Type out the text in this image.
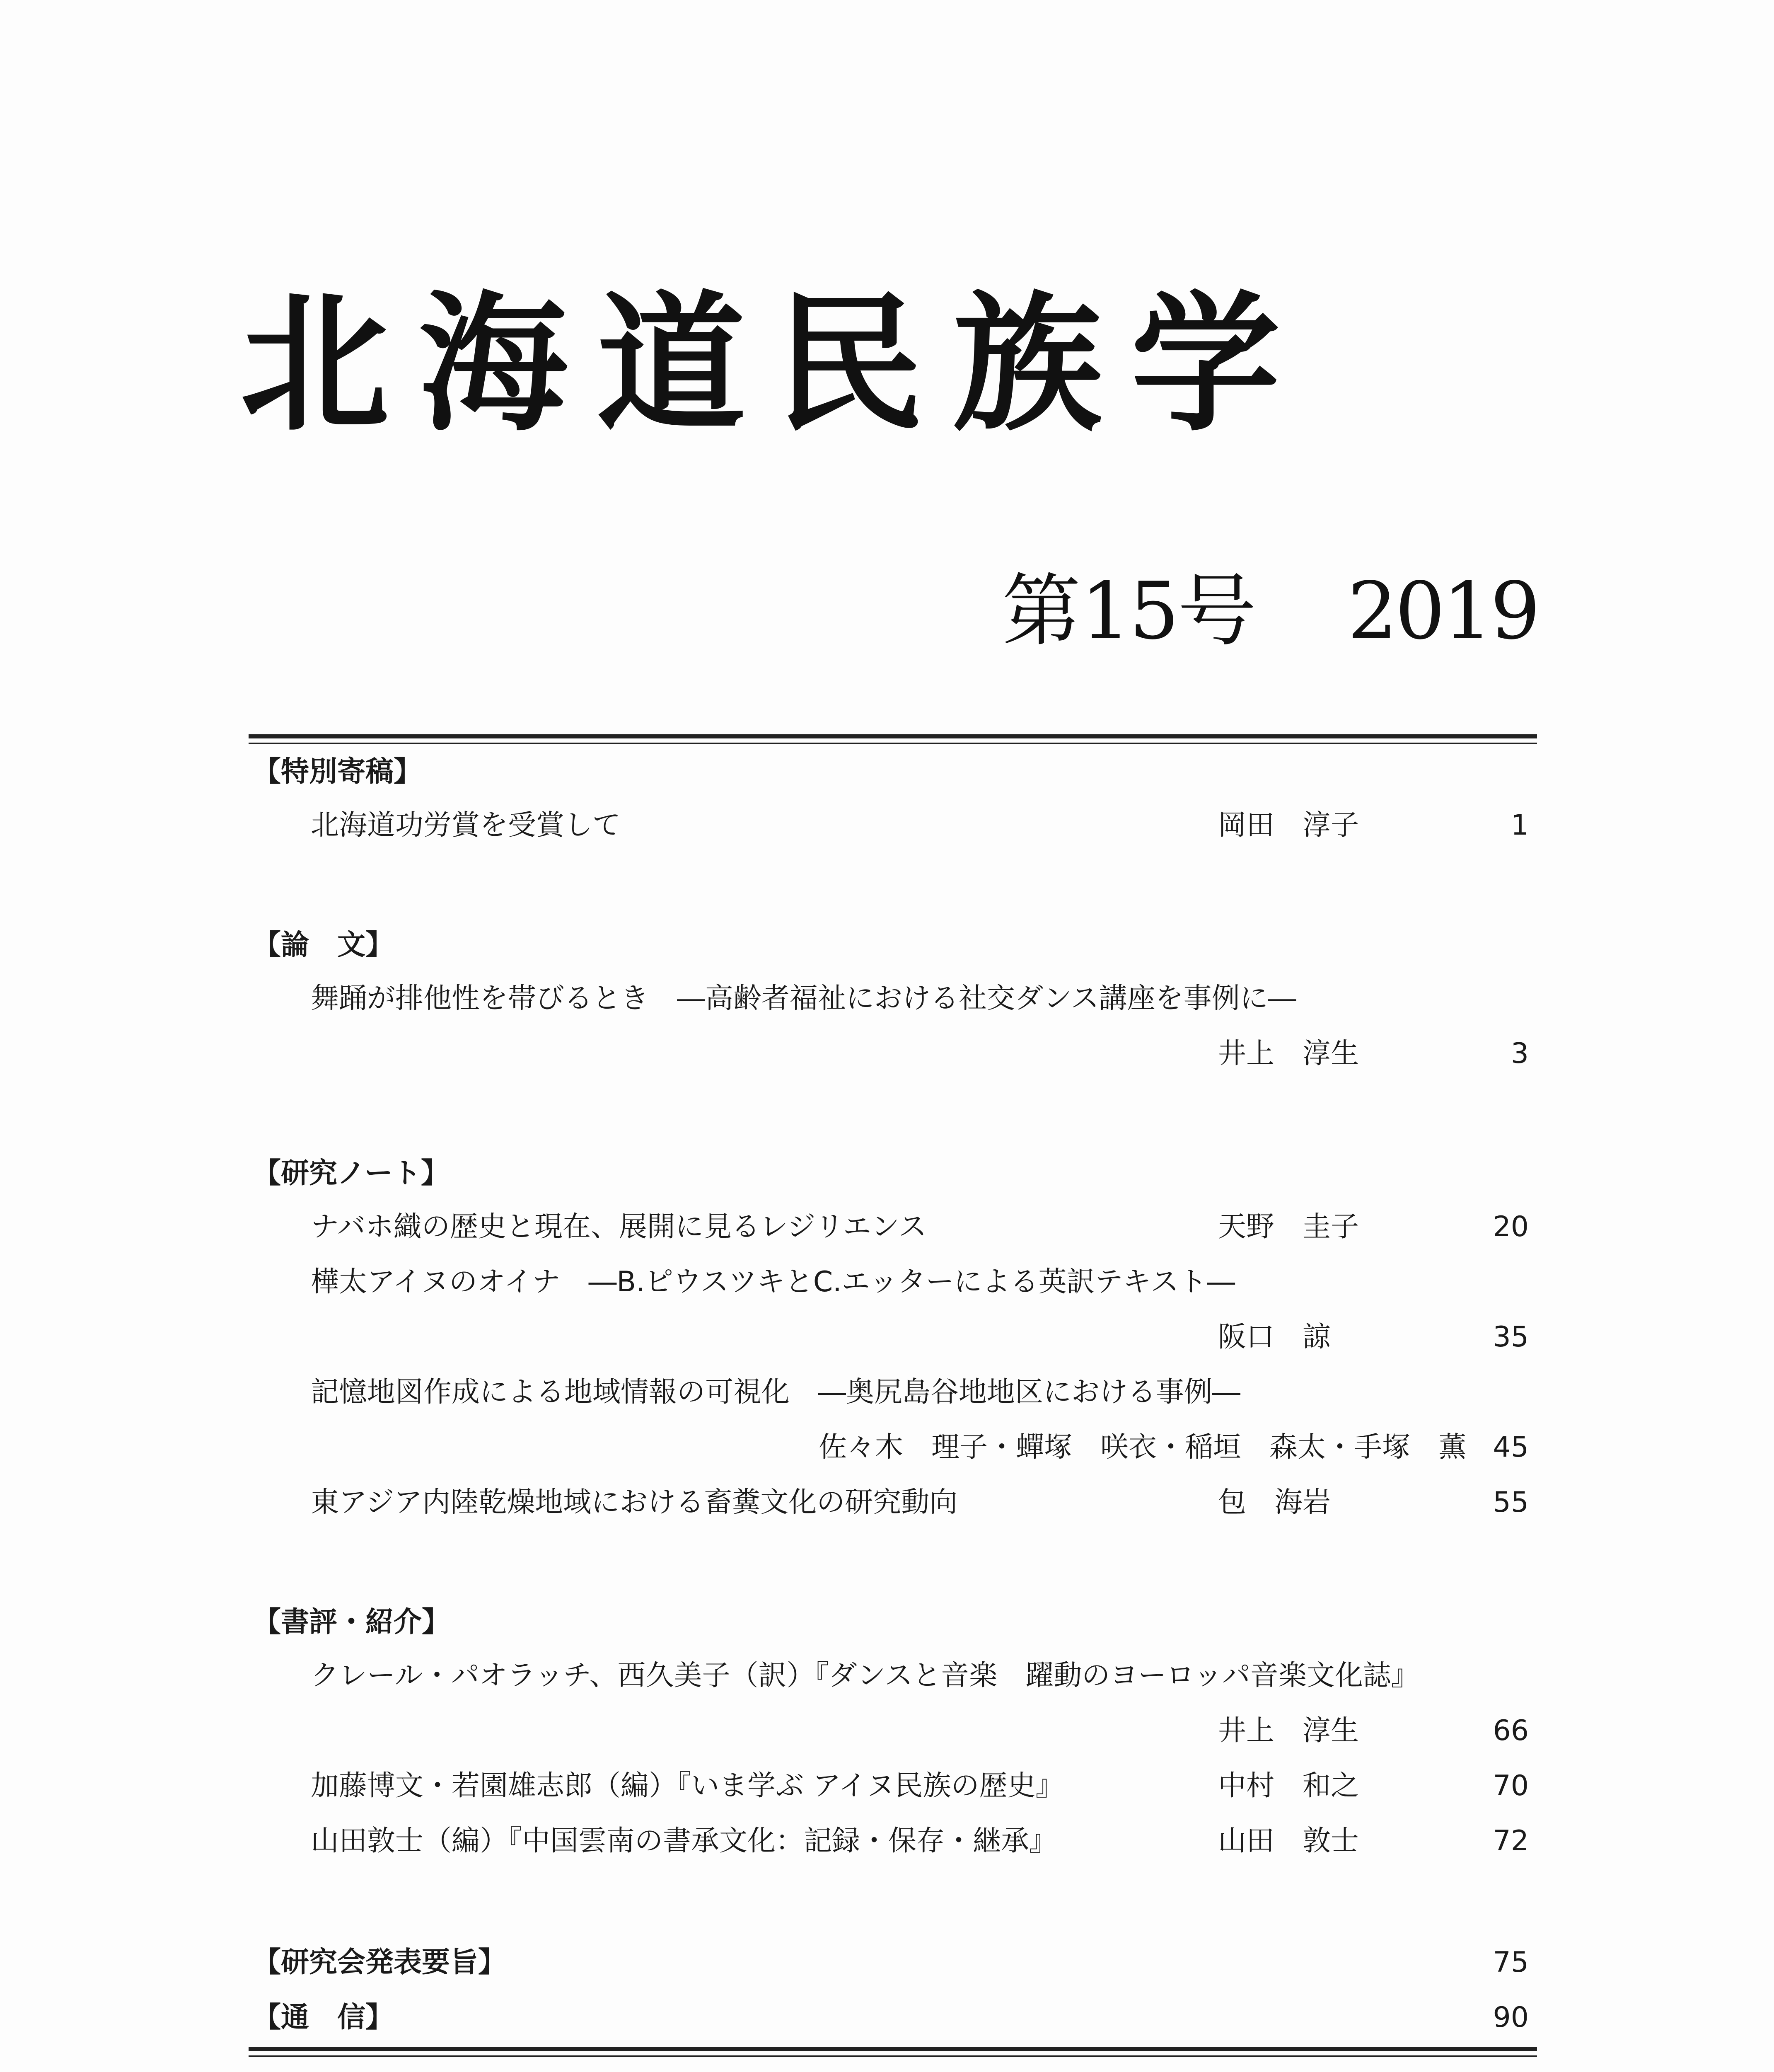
北海道民族学
第15号 2019
【特別寄稿】
北海道功労賞を受賞して	岡田　淳子	1
【論　文】
舞踊が排他性を帯びるとき　―高齢者福祉における社交ダンス講座を事例に―
井上　淳生	3
【研究ノート】
ナバホ織の歴史と現在、展開に見るレジリエンス	天野　圭子	20
樺太アイヌのオイナ　―B.ピウスツキとC.エッターによる英訳テキスト―
阪口　諒	35
記憶地図作成による地域情報の可視化　―奥尻島谷地地区における事例―
佐々木　理子・蟬塚　咲衣・稲垣　森太・手塚　薫 45
東アジア内陸乾燥地域における畜糞文化の研究動向	包　海岩	55
【書評・紹介】
クレール・パオラッチ、西久美子（訳）『ダンスと音楽　躍動のヨーロッパ音楽文化誌』
井上　淳生	66
加藤博文・若園雄志郎（編）『いま学ぶ アイヌ民族の歴史』	中村　和之	70
山田敦士（編）『中国雲南の書承文化：記録・保存・継承』	山田　敦士	72
【研究会発表要旨】	75
【通　信】	90
